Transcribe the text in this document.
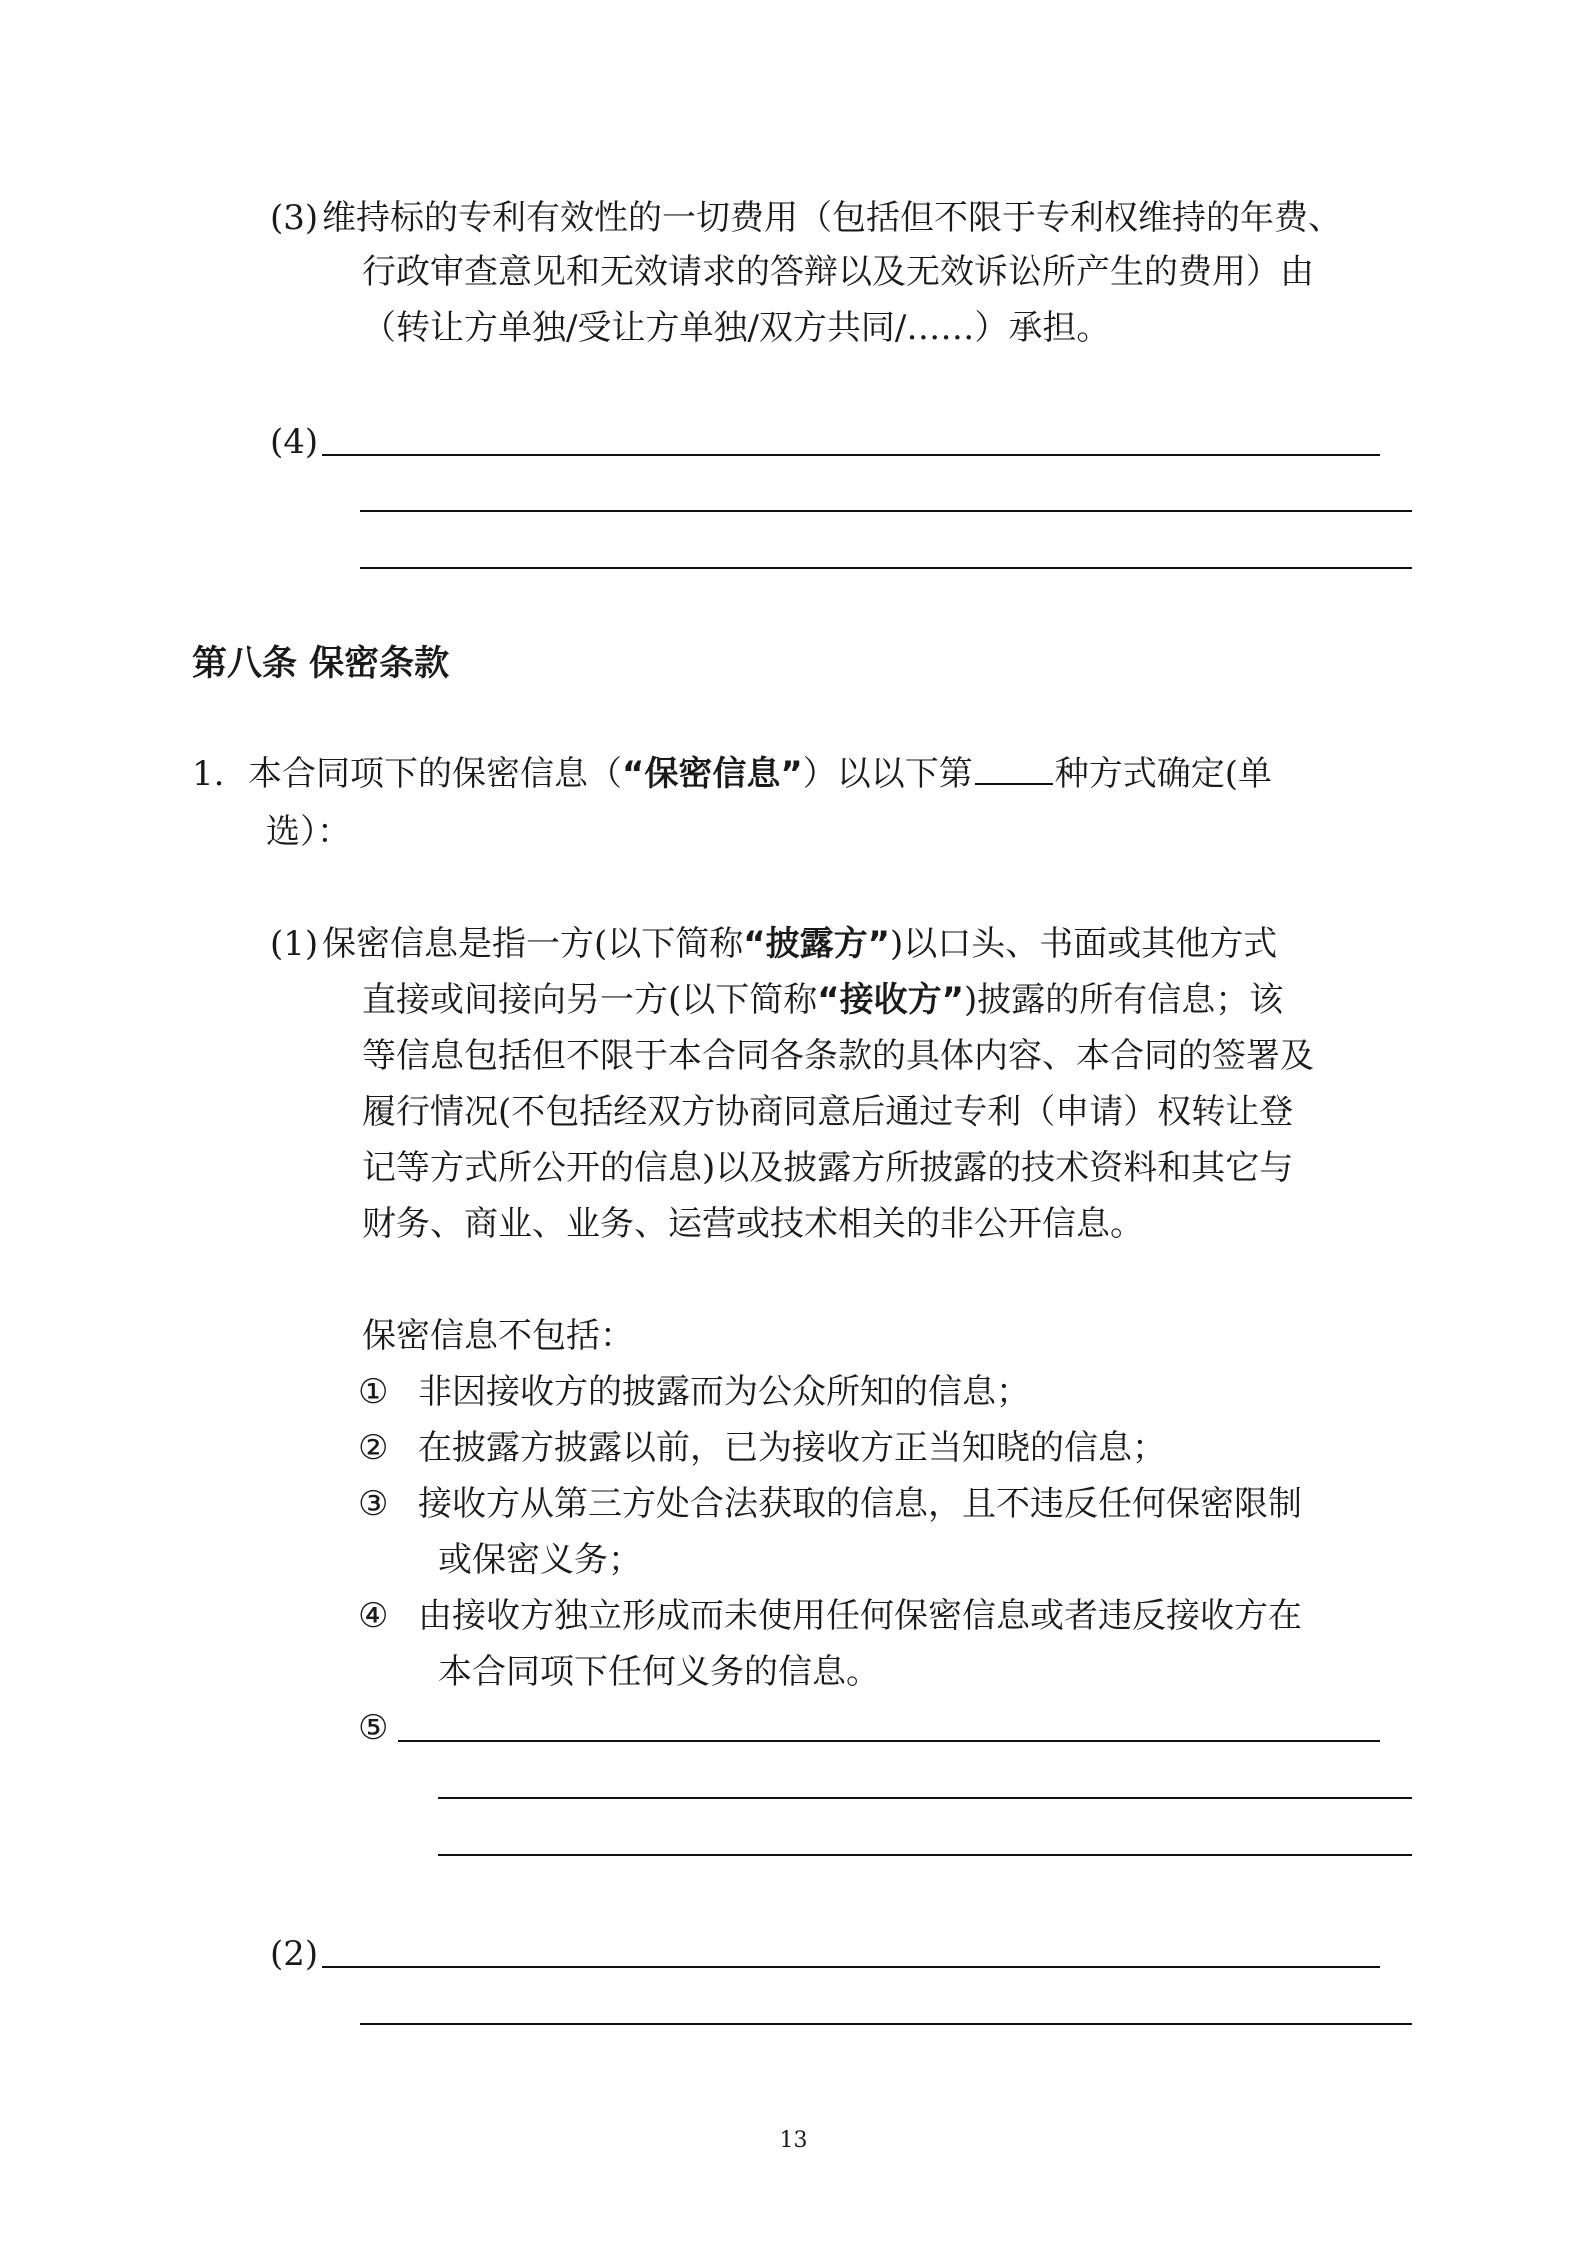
(3) 维持标的专利有效性的一切费用（包括但不限于专利权维持的年费、
行政审查意见和无效请求的答辩以及无效诉讼所产生的费用）由
（转让方单独/受让方单独/双方共同/……）承担。
(4)
第八条 保密条款
1. 本合同项下的保密信息（“保密信息”）以以下第 种方式确定(单
选）：
(1) 保密信息是指一方(以下简称“披露方”)以口头、书面或其他方式
直接或间接向另一方(以下简称“接收方”)披露的所有信息；该
等信息包括但不限于本合同各条款的具体内容、本合同的签署及
履行情况(不包括经双方协商同意后通过专利（申请）权转让登
记等方式所公开的信息)以及披露方所披露的技术资料和其它与
财务、商业、业务、运营或技术相关的非公开信息。
保密信息不包括：
① 非因接收方的披露而为公众所知的信息；
② 在披露方披露以前，已为接收方正当知晓的信息；
③ 接收方从第三方处合法获取的信息，且不违反任何保密限制
或保密义务；
④ 由接收方独立形成而未使用任何保密信息或者违反接收方在
本合同项下任何义务的信息。
⑤
(2)
13
